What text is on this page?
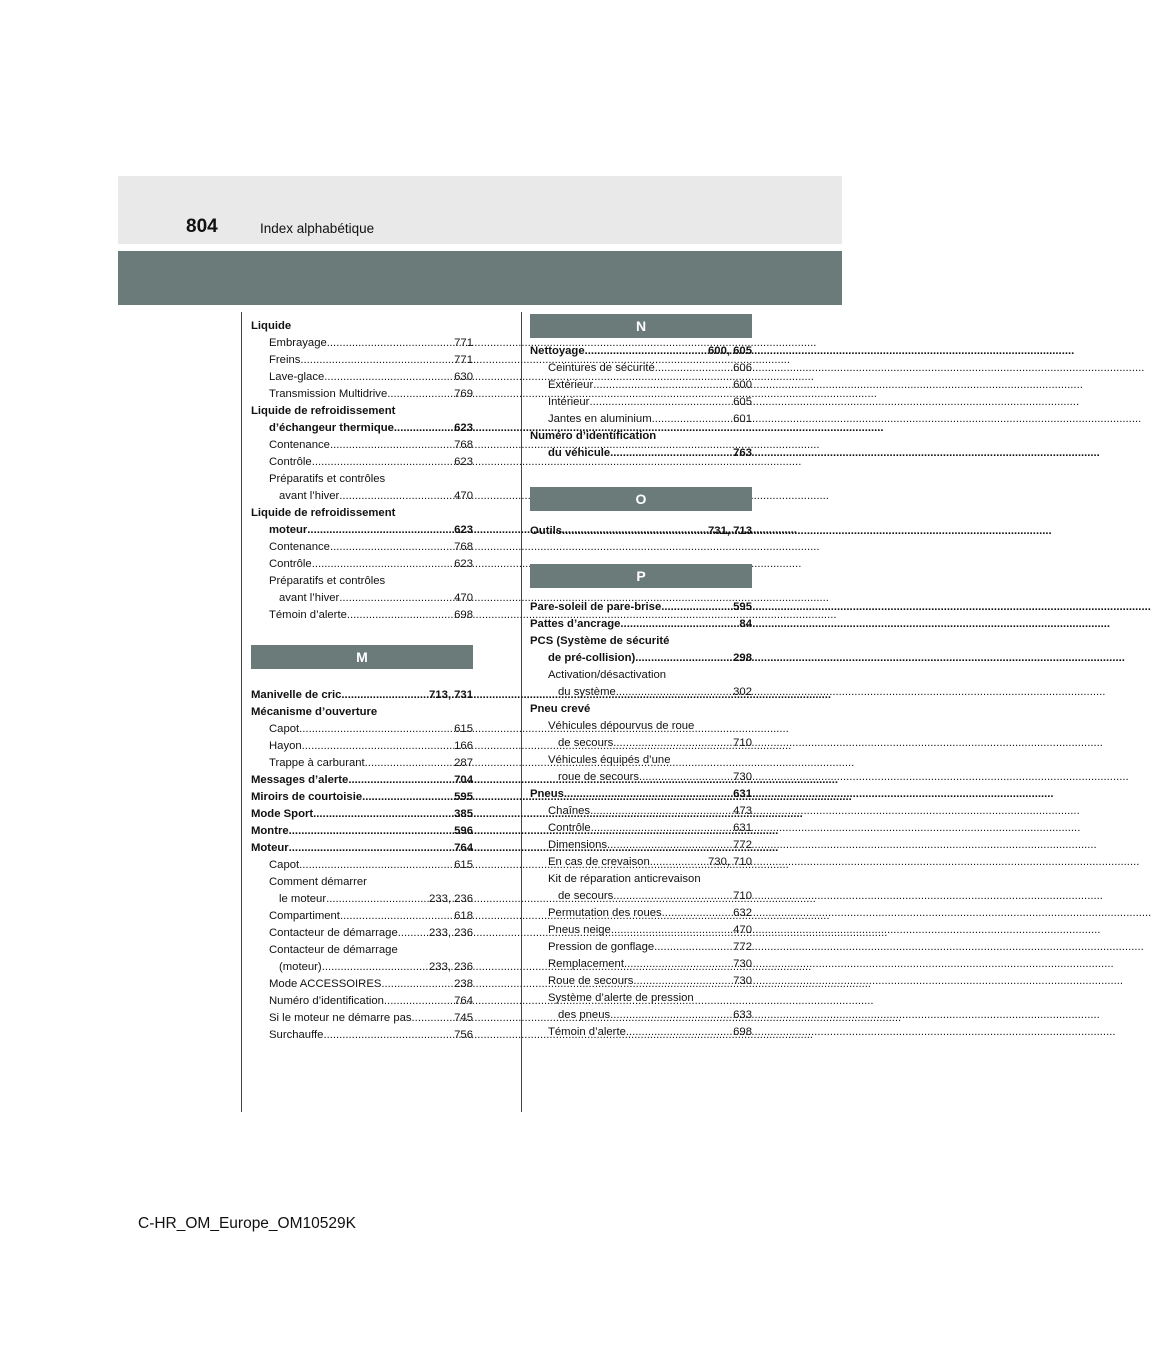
804	Index alphabétique
Liquide
Embrayage .....	771
Freins .....	771
Lave-glace .....	630
Transmission Multidrive .....	769
Liquide de refroidissement
d’échangeur thermique .....	623
Contenance .....	768
Contrôle .....	623
Préparatifs et contrôles
avant l’hiver .....	470
Liquide de refroidissement
moteur .....	623
Contenance .....	768
Contrôle .....	623
Préparatifs et contrôles
avant l’hiver .....	470
Témoin d’alerte .....	698
M
Manivelle de cric .....	713, 731
Mécanisme d’ouverture
Capot .....	615
Hayon .....	166
Trappe à carburant .....	287
Messages d’alerte .....	704
Miroirs de courtoisie .....	595
Mode Sport .....	385
Montre .....	596
Moteur .....	764
Capot .....	615
Comment démarrer
le moteur .....	233, 236
Compartiment .....	618
Contacteur de démarrage .....	233, 236
Contacteur de démarrage
(moteur) .....	233, 236
Mode ACCESSOIRES .....	238
Numéro d’identification .....	764
Si le moteur ne démarre pas .....	745
Surchauffe .....	756
N
Nettoyage .....	600, 605
Ceintures de sécurité .....	606
Extérieur .....	600
Intérieur .....	605
Jantes en aluminium .....	601
Numéro d’identification
du véhicule .....	763
O
Outils .....	731, 713
P
Pare-soleil de pare-brise .....	595
Pattes d’ancrage .....	84
PCS (Système de sécurité
de pré-collision) .....	298
Activation/désactivation
du système .....	302
Pneu crevé
Véhicules dépourvus de roue
de secours .....	710
Véhicules équipés d’une
roue de secours .....	730
Pneus .....	631
Chaînes .....	473
Contrôle .....	631
Dimensions .....	772
En cas de crevaison .....	730, 710
Kit de réparation anticrevaison
de secours .....	710
Permutation des roues .....	632
Pneus neige .....	470
Pression de gonflage .....	772
Remplacement .....	730
Roue de secours .....	730
Système d’alerte de pression
des pneus .....	633
Témoin d’alerte .....	698
C-HR_OM_Europe_OM10529K
